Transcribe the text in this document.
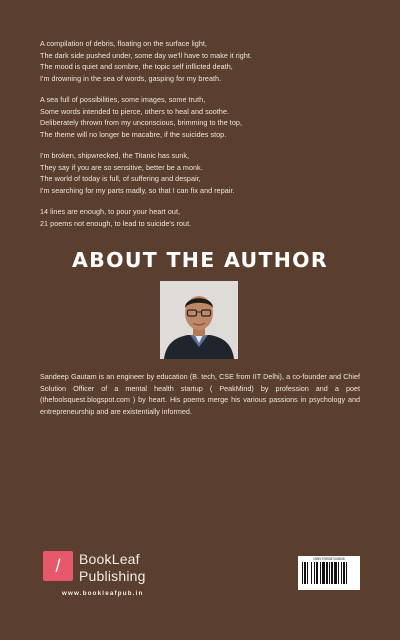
A compilation of debris, floating on the surface light,
The dark side pushed under, some day we'll have to make it right.
The mood is quiet and sombre, the topic self inflicted death,
I'm drowning in the sea of words, gasping for my breath.
A sea full of possibilities, some images, some truth,
Some words intended to pierce, others to heal and soothe.
Deliberately thrown from my unconscious, brimming to the top,
The theme will no longer be macabre, if the suicides stop.
I'm broken, shipwrecked, the Titanic has sunk,
They say if you are so sensitive, better be a monk.
The world of today is full, of suffering and despair,
I'm searching for my parts madly, so that I can fix and repair.
14 lines are enough, to pour your heart out,
21 poems not enough, to lead to suicide's rout.
ABOUT THE AUTHOR
Sandeep Gautam is an engineer by education (B. tech, CSE from IIT Delhi), a co-founder and Chief Solution Officer of a mental health startup ( PeakMind) by profession and a poet (thefoolsquest.blogspot.com ) by heart. His poems merge his various passions in psychology and entrepreneurship and are existentially informed.
/	BookLeaf
Publishing
www.bookleafpub.in
ISBN 9789357443046
